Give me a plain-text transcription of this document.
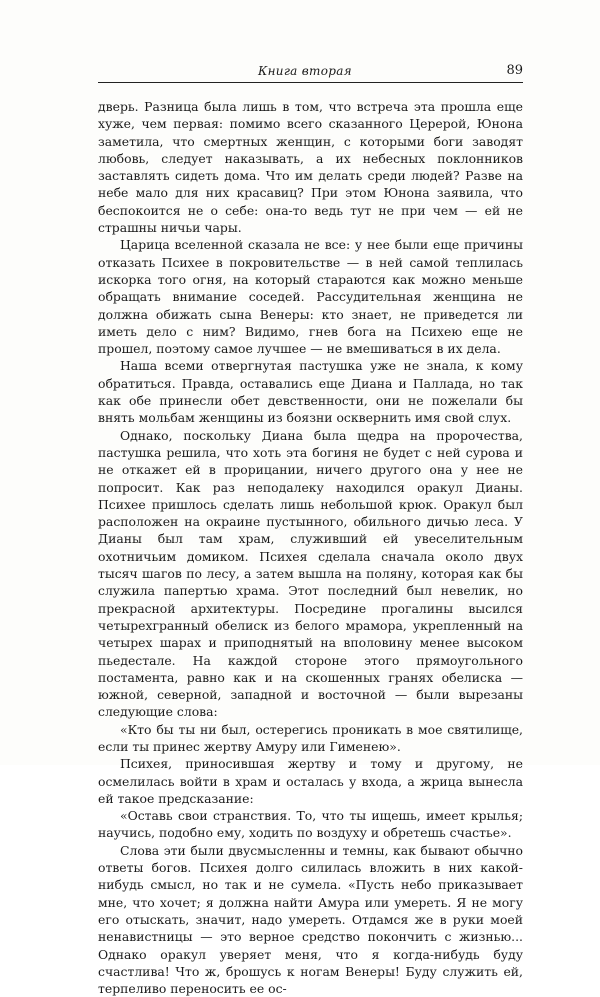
Книга вторая	89

дверь. Разница была лишь в том, что встреча эта прошла еще хуже, чем первая: помимо всего сказанного Церерой, Юнона заметила, что смертных женщин, с которыми боги заводят любовь, следует наказывать, а их небесных поклонников заставлять сидеть дома. Что им делать среди людей? Разве на небе мало для них красавиц? При этом Юнона заявила, что беспокоится не о себе: она-то ведь тут не при чем — ей не страшны ничьи чары.

Царица вселенной сказала не все: у нее были еще причины отказать Психее в покровительстве — в ней самой теплилась искорка того огня, на который стараются как можно меньше обращать внимание соседей. Рассудительная женщина не должна обижать сына Венеры: кто знает, не приведется ли иметь дело с ним? Видимо, гнев бога на Психею еще не прошел, поэтому самое лучшее — не вмешиваться в их дела.

Наша всеми отвергнутая пастушка уже не знала, к кому обратиться. Правда, оставались еще Диана и Паллада, но так как обе принесли обет девственности, они не пожелали бы внять мольбам женщины из боязни осквернить имя свой слух.

Однако, поскольку Диана была щедра на пророчества, пастушка решила, что хоть эта богиня не будет с ней сурова и не откажет ей в прорицании, ничего другого она у нее не попросит. Как раз неподалеку находился оракул Дианы. Психее пришлось сделать лишь небольшой крюк. Оракул был расположен на окраине пустынного, обильного дичью леса. У Дианы был там храм, служивший ей увеселительным охотничьим домиком. Психея сделала сначала около двух тысяч шагов по лесу, а затем вышла на поляну, которая как бы служила папертью храма. Этот последний был невелик, но прекрасной архитектуры. Посредине прогалины высился четырехгранный обелиск из белого мрамора, укрепленный на четырех шарах и приподнятый на вполовину менее высоком пьедестале. На каждой стороне этого прямоугольного постамента, равно как и на скошенных гранях обелиска — южной, северной, западной и восточной — были вырезаны следующие слова:

«Кто бы ты ни был, остерегись проникать в мое святилище, если ты принес жертву Амуру или Гименею».

Психея, приносившая жертву и тому и другому, не осмелилась войти в храм и осталась у входа, а жрица вынесла ей такое предсказание:

«Оставь свои странствия. То, что ты ищешь, имеет крылья; научись, подобно ему, ходить по воздуху и обретешь счастье».

Слова эти были двусмысленны и темны, как бывают обычно ответы богов. Психея долго силилась вложить в них какой-нибудь смысл, но так и не сумела. «Пусть небо приказывает мне, что хочет; я должна найти Амура или умереть. Я не могу его отыскать, значит, надо умереть. Отдамся же в руки моей ненавистницы — это верное средство покончить с жизнью... Однако оракул уверяет меня, что я когда-нибудь буду счастлива! Что ж, брошусь к ногам Венеры! Буду служить ей, терпеливо переносить ее ос-
